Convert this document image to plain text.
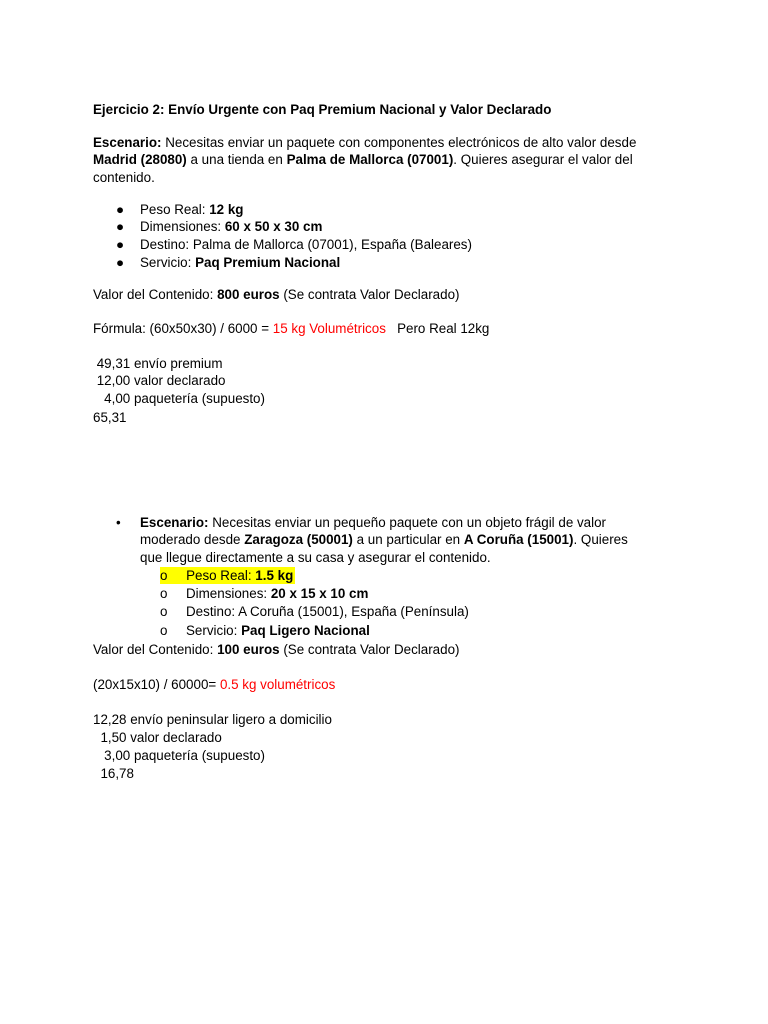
Ejercicio 2: Envío Urgente con Paq Premium Nacional y Valor Declarado
Escenario: Necesitas enviar un paquete con componentes electrónicos de alto valor desde
Madrid (28080) a una tienda en Palma de Mallorca (07001). Quieres asegurar el valor del
contenido.
● Peso Real: 12 kg
● Dimensiones: 60 x 50 x 30 cm
● Destino: Palma de Mallorca (07001), España (Baleares)
● Servicio: Paq Premium Nacional
Valor del Contenido: 800 euros (Se contrata Valor Declarado)
Fórmula: (60x50x30) / 6000 = 15 kg Volumétricos   Pero Real 12kg
49,31 envío premium
12,00 valor declarado
4,00 paquetería (supuesto)
65,31
• Escenario: Necesitas enviar un pequeño paquete con un objeto frágil de valor
moderado desde Zaragoza (50001) a un particular en A Coruña (15001). Quieres
que llegue directamente a su casa y asegurar el contenido.
o Peso Real: 1.5 kg
o Dimensiones: 20 x 15 x 10 cm
o Destino: A Coruña (15001), España (Península)
o Servicio: Paq Ligero Nacional
Valor del Contenido: 100 euros (Se contrata Valor Declarado)
(20x15x10) / 60000= 0.5 kg volumétricos
12,28 envío peninsular ligero a domicilio
1,50 valor declarado
3,00 paquetería (supuesto)
16,78
